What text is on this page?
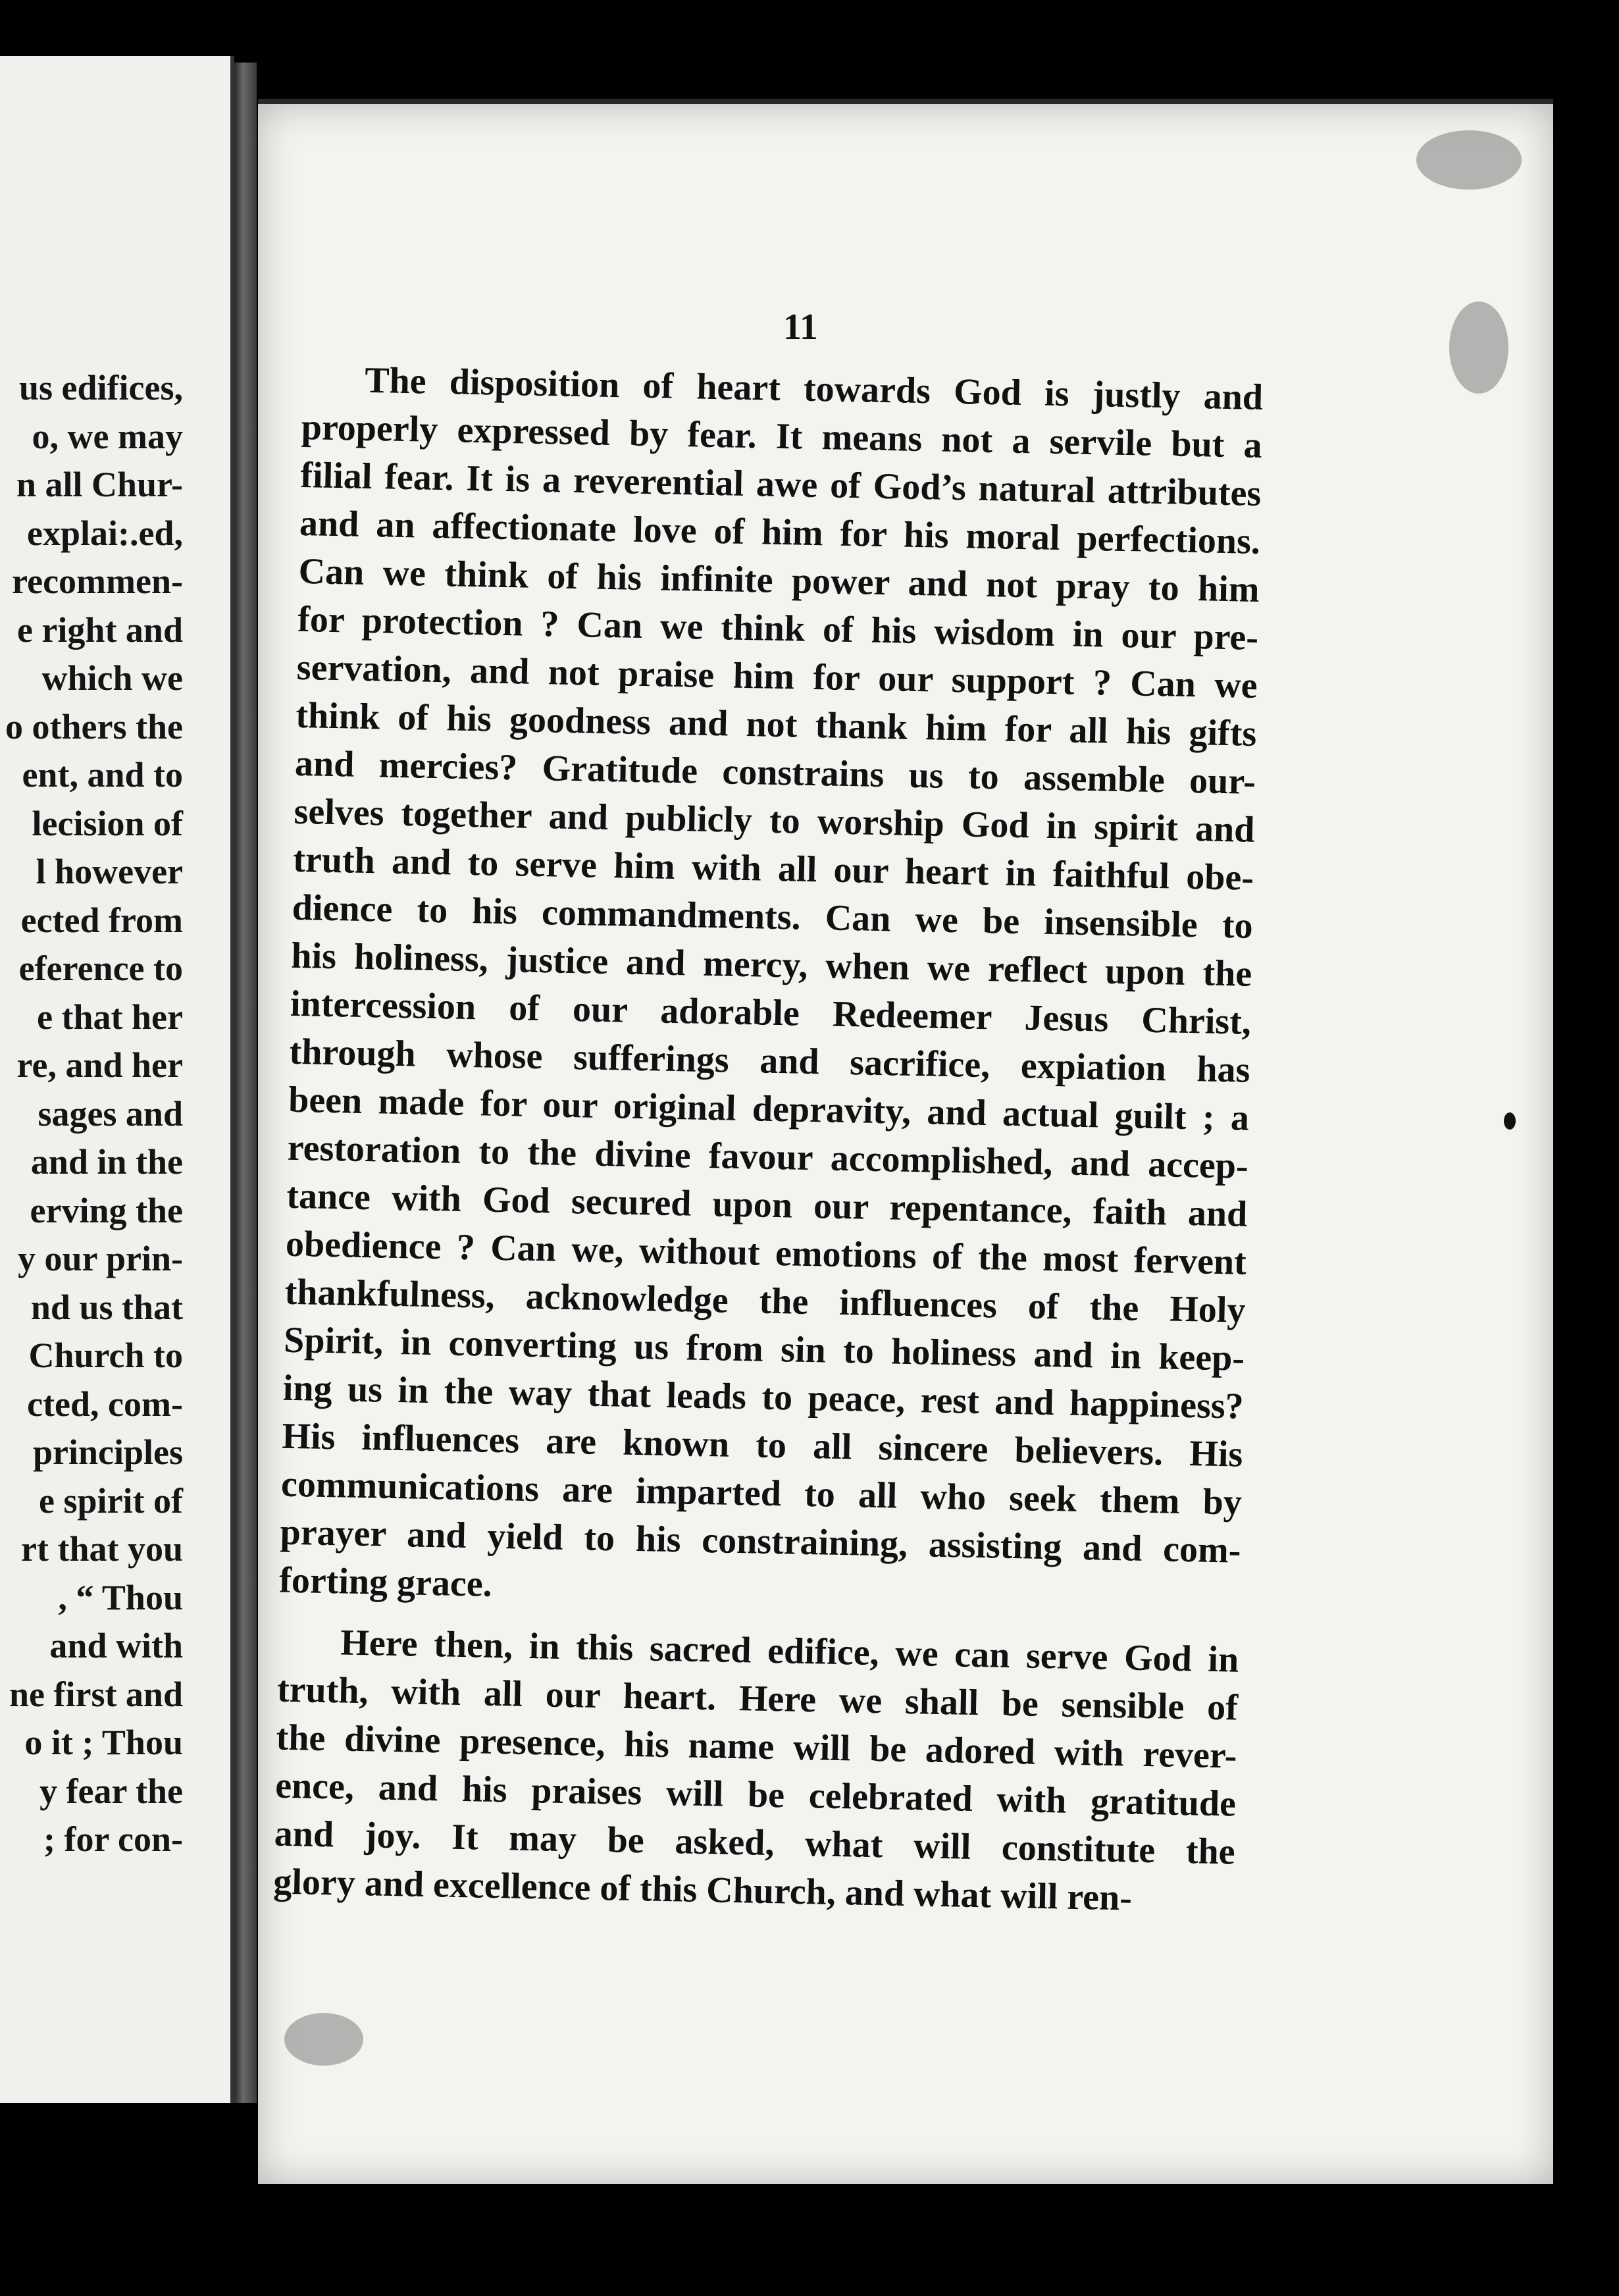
us edifices,
o, we may
n all Chur-
explai:.ed,
recommen-
e right and
which we
o others the
ent, and to
lecision of
l however
ected from
eference to
e that her
re, and her
sages and
and in the
erving the
y our prin-
nd us that
Church to
cted, com-
principles
e spirit of
rt that you
, “ Thou
and with
ne first and
o it ; Thou
y fear the
; for con-
11
The disposition of heart towards God is justly and
properly expressed by fear. It means not a servile but a
filial fear. It is a reverential awe of God’s natural attributes
and an affectionate love of him for his moral perfections.
Can we think of his infinite power and not pray to him
for protection ? Can we think of his wisdom in our pre-
servation, and not praise him for our support ? Can we
think of his goodness and not thank him for all his gifts
and mercies? Gratitude constrains us to assemble our-
selves together and publicly to worship God in spirit and
truth and to serve him with all our heart in faithful obe-
dience to his commandments. Can we be insensible to
his holiness, justice and mercy, when we reflect upon the
intercession of our adorable Redeemer Jesus Christ,
through whose sufferings and sacrifice, expiation has
been made for our original depravity, and actual guilt ; a
restoration to the divine favour accomplished, and accep-
tance with God secured upon our repentance, faith and
obedience ? Can we, without emotions of the most fervent
thankfulness, acknowledge the influences of the Holy
Spirit, in converting us from sin to holiness and in keep-
ing us in the way that leads to peace, rest and happiness?
His influences are known to all sincere believers. His
communications are imparted to all who seek them by
prayer and yield to his constraining, assisting and com-
forting grace.
Here then, in this sacred edifice, we can serve God in
truth, with all our heart. Here we shall be sensible of
the divine presence, his name will be adored with rever-
ence, and his praises will be celebrated with gratitude
and joy. It may be asked, what will constitute the
glory and excellence of this Church, and what will ren-
